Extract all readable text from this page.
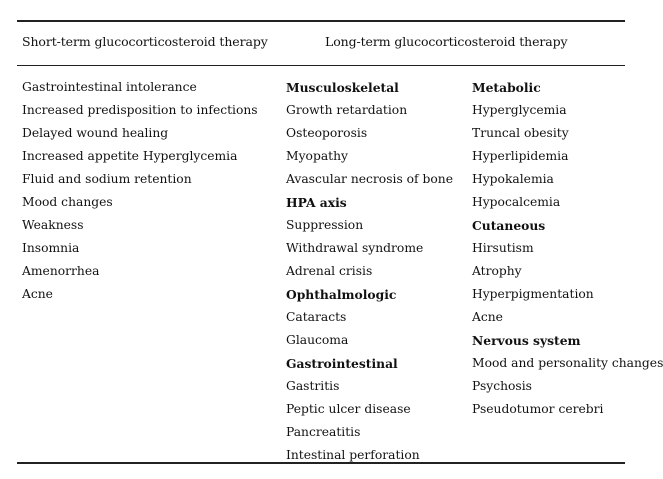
Short-term glucocorticosteroid therapy	Long-term glucocorticosteroid therapy
Gastrointestinal intolerance
Increased predisposition to infections
Delayed wound healing
Increased appetite Hyperglycemia
Fluid and sodium retention
Mood changes
Weakness
Insomnia
Amenorrhea
Acne
Musculoskeletal
Growth retardation
Osteoporosis
Myopathy
Avascular necrosis of bone
HPA axis
Suppression
Withdrawal syndrome
Adrenal crisis
Ophthalmologic
Cataracts
Glaucoma
Gastrointestinal
Gastritis
Peptic ulcer disease
Pancreatitis
Intestinal perforation
Metabolic
Hyperglycemia
Truncal obesity
Hyperlipidemia
Hypokalemia
Hypocalcemia
Cutaneous
Hirsutism
Atrophy
Hyperpigmentation
Acne
Nervous system
Mood and personality changes
Psychosis
Pseudotumor cerebri
